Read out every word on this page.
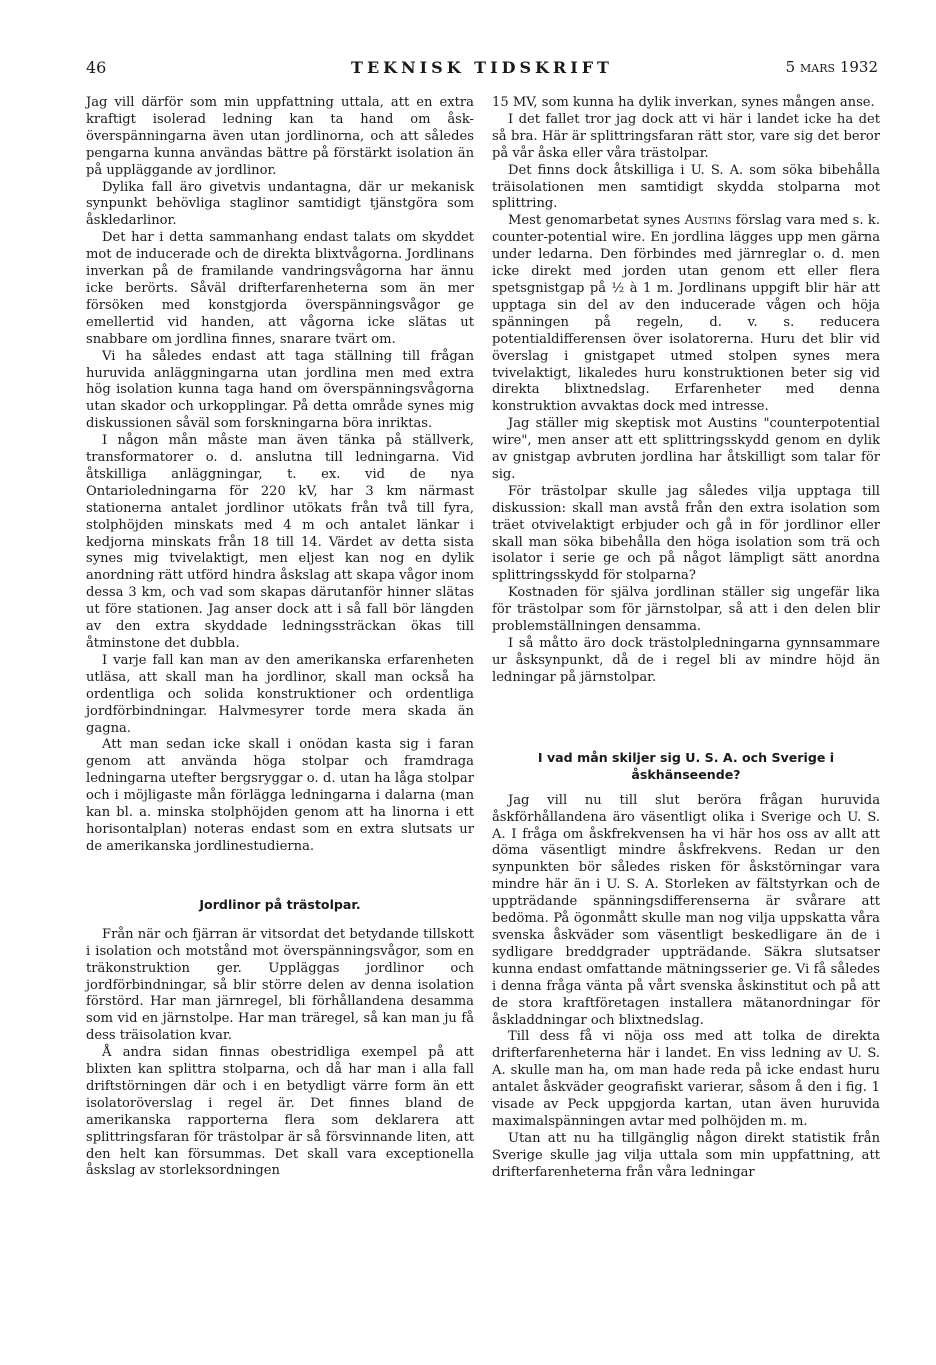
46	TEKNISK TIDSKRIFT	5 mars 1932

Jag vill därför som min uppfattning uttala, att en extra kraftigt isolerad ledning kan ta hand om åsk-överspänningarna även utan jordlinorna, och att således pengarna kunna användas bättre på förstärkt isolation än på uppläggande av jordlinor.

Dylika fall äro givetvis undantagna, där ur mekanisk synpunkt behövliga staglinor samtidigt tjänstgöra som åskledarlinor.

Det har i detta sammanhang endast talats om skyddet mot de inducerade och de direkta blixtvågorna. Jordlinans inverkan på de framilande vandringsvågorna har ännu icke berörts. Såväl drifterfarenheterna som än mer försöken med konstgjorda överspänningsvågor ge emellertid vid handen, att vågorna icke slätas ut snabbare om jordlina finnes, snarare tvärt om.

Vi ha således endast att taga ställning till frågan huruvida anläggningarna utan jordlina men med extra hög isolation kunna taga hand om överspänningsvågorna utan skador och urkopplingar. På detta område synes mig diskussionen såväl som forskningarna böra inriktas.

I någon mån måste man även tänka på ställverk, transformatorer o. d. anslutna till ledningarna. Vid åtskilliga anläggningar, t. ex. vid de nya Ontarioledningarna för 220 kV, har 3 km närmast stationerna antalet jordlinor utökats från två till fyra, stolphöjden minskats med 4 m och antalet länkar i kedjorna minskats från 18 till 14. Värdet av detta sista synes mig tvivelaktigt, men eljest kan nog en dylik anordning rätt utförd hindra åskslag att skapa vågor inom dessa 3 km, och vad som skapas därutanför hinner slätas ut före stationen. Jag anser dock att i så fall bör längden av den extra skyddade ledningssträckan ökas till åtminstone det dubbla.

I varje fall kan man av den amerikanska erfarenheten utläsa, att skall man ha jordlinor, skall man också ha ordentliga och solida konstruktioner och ordentliga jordförbindningar. Halvmesyrer torde mera skada än gagna.

Att man sedan icke skall i onödan kasta sig i faran genom att använda höga stolpar och framdraga ledningarna utefter bergsryggar o. d. utan ha låga stolpar och i möjligaste mån förlägga ledningarna i dalarna (man kan bl. a. minska stolphöjden genom att ha linorna i ett horisontalplan) noteras endast som en extra slutsats ur de amerikanska jordlinestudierna.

Jordlinor på trästolpar.

Från när och fjärran är vitsordat det betydande tillskott i isolation och motstånd mot överspänningsvågor, som en träkonstruktion ger. Uppläggas jordlinor och jordförbindningar, så blir större delen av denna isolation förstörd. Har man järnregel, bli förhållandena desamma som vid en järnstolpe. Har man träregel, så kan man ju få dess träisolation kvar.

Å andra sidan finnas obestridliga exempel på att blixten kan splittra stolparna, och då har man i alla fall driftstörningen där och i en betydligt värre form än ett isolatoröverslag i regel är. Det finnes bland de amerikanska rapporterna flera som deklarera att splittringsfaran för trästolpar är så försvinnande liten, att den helt kan försummas. Det skall vara exceptionella åskslag av storleksordningen

15 MV, som kunna ha dylik inverkan, synes mången anse.

I det fallet tror jag dock att vi här i landet icke ha det så bra. Här är splittringsfaran rätt stor, vare sig det beror på vår åska eller våra trästolpar.

Det finns dock åtskilliga i U. S. A. som söka bibehålla träisolationen men samtidigt skydda stolparna mot splittring.

Mest genomarbetat synes Austins förslag vara med s. k. counter-potential wire. En jordlina lägges upp men gärna under ledarna. Den förbindes med järnreglar o. d. men icke direkt med jorden utan genom ett eller flera spetsgnistgap på ½ à 1 m. Jordlinans uppgift blir här att upptaga sin del av den inducerade vågen och höja spänningen på regeln, d. v. s. reducera potentialdifferensen över isolatorerna. Huru det blir vid överslag i gnistgapet utmed stolpen synes mera tvivelaktigt, likaledes huru konstruktionen beter sig vid direkta blixtnedslag. Erfarenheter med denna konstruktion avvaktas dock med intresse.

Jag ställer mig skeptisk mot Austins "counterpotential wire", men anser att ett splittringsskydd genom en dylik av gnistgap avbruten jordlina har åtskilligt som talar för sig.

För trästolpar skulle jag således vilja upptaga till diskussion: skall man avstå från den extra isolation som träet otvivelaktigt erbjuder och gå in för jordlinor eller skall man söka bibehålla den höga isolation som trä och isolator i serie ge och på något lämpligt sätt anordna splittringsskydd för stolparna?

Kostnaden för själva jordlinan ställer sig ungefär lika för trästolpar som för järnstolpar, så att i den delen blir problemställningen densamma.

I så måtto äro dock trästolpledningarna gynnsammare ur åsksynpunkt, då de i regel bli av mindre höjd än ledningar på järnstolpar.

I vad mån skiljer sig U. S. A. och Sverige i åskhänseende?

Jag vill nu till slut beröra frågan huruvida åskförhållandena äro väsentligt olika i Sverige och U. S. A. I fråga om åskfrekvensen ha vi här hos oss av allt att döma väsentligt mindre åskfrekvens. Redan ur den synpunkten bör således risken för åskstörningar vara mindre här än i U. S. A. Storleken av fältstyrkan och de uppträdande spänningsdifferenserna är svårare att bedöma. På ögonmått skulle man nog vilja uppskatta våra svenska åskväder som väsentligt beskedligare än de i sydligare breddgrader uppträdande. Säkra slutsatser kunna endast omfattande mätningsserier ge. Vi få således i denna fråga vänta på vårt svenska åskinstitut och på att de stora kraftföretagen installera mätanordningar för åskladdningar och blixtnedslag.

Till dess få vi nöja oss med att tolka de direkta drifterfarenheterna här i landet. En viss ledning av U. S. A. skulle man ha, om man hade reda på icke endast huru antalet åskväder geografiskt varierar, såsom å den i fig. 1 visade av Peck uppgjorda kartan, utan även huruvida maximalspänningen avtar med polhöjden m. m.

Utan att nu ha tillgänglig någon direkt statistik från Sverige skulle jag vilja uttala som min uppfattning, att drifterfarenheterna från våra ledningar
